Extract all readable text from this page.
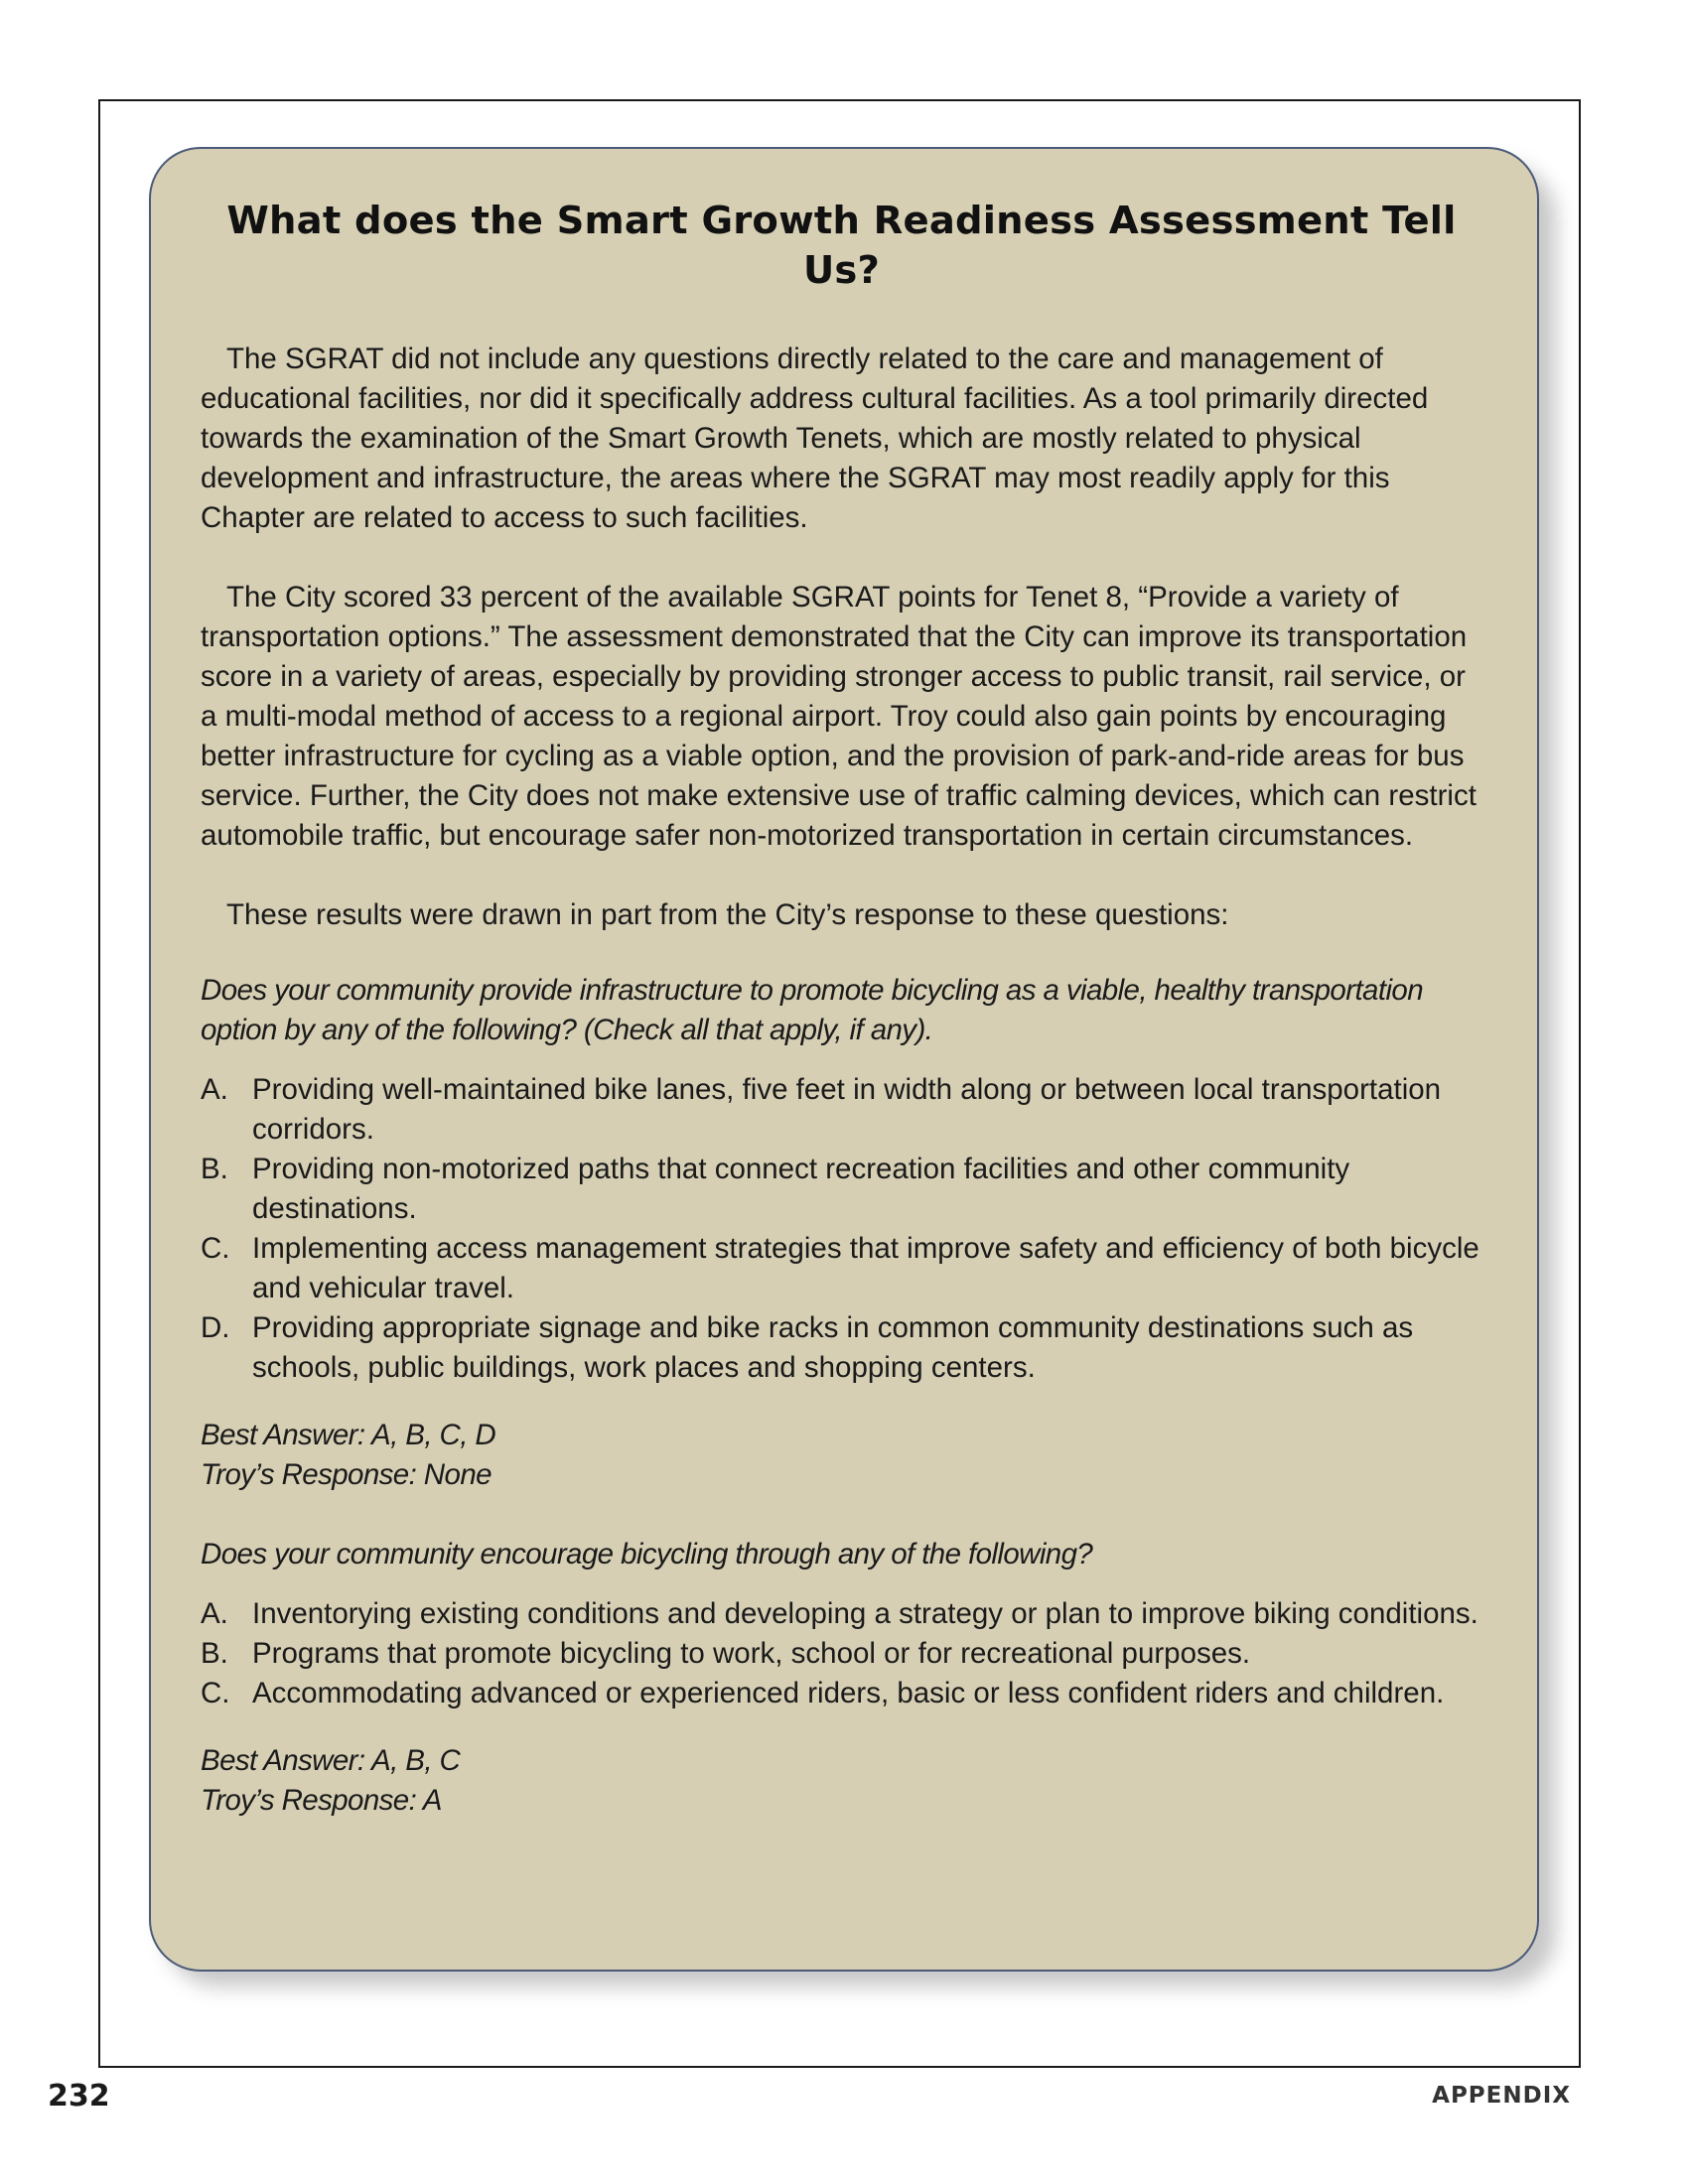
What does the Smart Growth Readiness Assessment Tell Us?

The SGRAT did not include any questions directly related to the care and management of educational facilities, nor did it specifically address cultural facilities. As a tool primarily directed towards the examination of the Smart Growth Tenets, which are mostly related to physical development and infrastructure, the areas where the SGRAT may most readily apply for this Chapter are related to access to such facilities.

The City scored 33 percent of the available SGRAT points for Tenet 8, “Provide a variety of transportation options.” The assessment demonstrated that the City can improve its transportation score in a variety of areas, especially by providing stronger access to public transit, rail service, or a multi-modal method of access to a regional airport. Troy could also gain points by encouraging better infrastructure for cycling as a viable option, and the provision of park-and-ride areas for bus service. Further, the City does not make extensive use of traffic calming devices, which can restrict automobile traffic, but encourage safer non-motorized transportation in certain circumstances.

These results were drawn in part from the City’s response to these questions:

Does your community provide infrastructure to promote bicycling as a viable, healthy transportation option by any of the following? (Check all that apply, if any).

A. Providing well-maintained bike lanes, five feet in width along or between local transportation corridors.
B. Providing non-motorized paths that connect recreation facilities and other community destinations.
C. Implementing access management strategies that improve safety and efficiency of both bicycle and vehicular travel.
D. Providing appropriate signage and bike racks in common community destinations such as schools, public buildings, work places and shopping centers.

Best Answer: A, B, C, D

Troy’s Response: None

Does your community encourage bicycling through any of the following?

A. Inventorying existing conditions and developing a strategy or plan to improve biking conditions.
B. Programs that promote bicycling to work, school or for recreational purposes.
C. Accommodating advanced or experienced riders, basic or less confident riders and children.

Best Answer: A, B, C

Troy’s Response: A

232	APPENDIX
